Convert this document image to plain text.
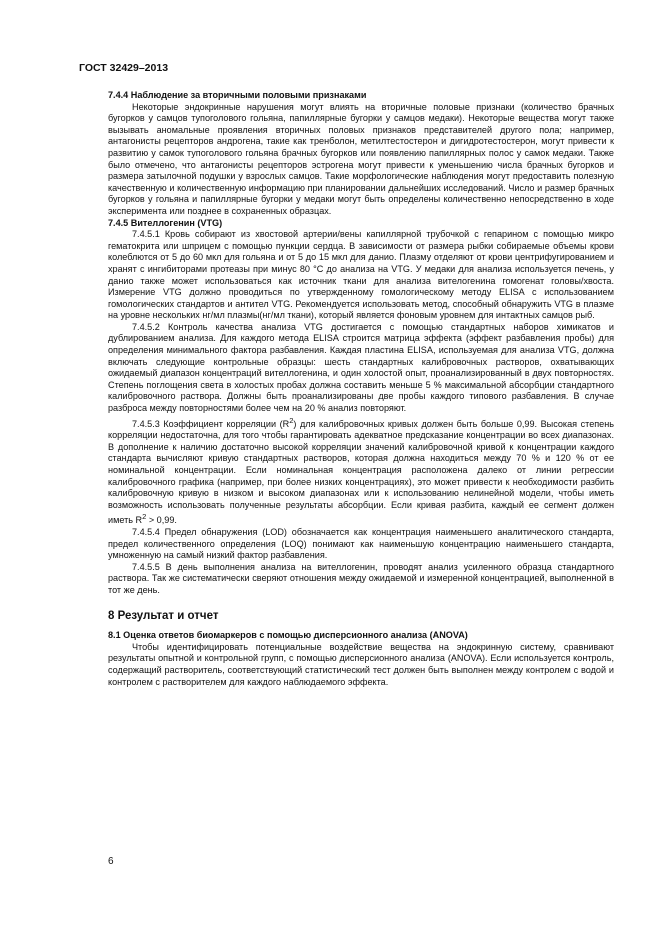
ГОСТ 32429–2013

7.4.4 Наблюдение за вторичными половыми признаками

Некоторые эндокринные нарушения могут влиять на вторичные половые признаки (количество брачных бугорков у самцов тупоголового гольяна, папиллярные бугорки у самцов медаки). Некоторые вещества могут также вызывать аномальные проявления вторичных половых признаков представителей другого пола; например, антагонисты рецепторов андрогена, такие как тренболон, метилтестостерон и дигидротестостерон, могут привести к развитию у самок тупоголового гольяна брачных бугорков или появлению папиллярных полос у самок медаки. Также было отмечено, что антагонисты рецепторов эстрогена могут привести к уменьшению числа брачных бугорков и размера затылочной подушки у взрослых самцов. Такие морфологические наблюдения могут предоставить полезную качественную и количественную информацию при планировании дальнейших исследований. Число и размер брачных бугорков у гольяна и папиллярные бугорки у медаки могут быть определены количественно непосредственно в ходе эксперимента или позднее в сохраненных образцах.

7.4.5 Вителлогенин (VTG)

7.4.5.1 Кровь собирают из хвостовой артерии/вены капиллярной трубочкой с гепарином с помощью микро гематокрита или шприцем с помощью пункции сердца. В зависимости от размера рыбки собираемые объемы крови колеблются от 5 до 60 мкл для гольяна и от 5 до 15 мкл для данио. Плазму отделяют от крови центрифугированием и хранят с ингибиторами протеазы при минус 80 °С до анализа на VTG. У медаки для анализа используется печень, у данио также может использоваться как источник ткани для анализа вителогенина гомогенат головы/хвоста. Измерение VTG должно проводиться по утвержденному гомологическому методу ELISA с использованием гомологических стандартов и антител VTG. Рекомендуется использовать метод, способный обнаружить VTG в плазме на уровне нескольких нг/мл плазмы(нг/мл ткани), который является фоновым уровнем для интактных самцов рыб.

7.4.5.2 Контроль качества анализа VTG достигается с помощью стандартных наборов химикатов и дублированием анализа. Для каждого метода ELISA строится матрица эффекта (эффект разбавления пробы) для определения минимального фактора разбавления. Каждая пластина ELISA, используемая для анализа VTG, должна включать следующие контрольные образцы: шесть стандартных калибровочных растворов, охватывающих ожидаемый диапазон концентраций вителлогенина, и один холостой опыт, проанализированный в двух повторностях. Степень поглощения света в холостых пробах должна составить меньше 5 % максимальной абсорбции стандартного калибровочного раствора. Должны быть проанализированы две пробы каждого типового разбавления. В случае разброса между повторностями более чем на 20 % анализ повторяют.

7.4.5.3 Коэффициент корреляции $(R^2)$ для калибровочных кривых должен быть больше 0,99. Высокая степень корреляции недостаточна, для того чтобы гарантировать адекватное предсказание концентрации во всех диапазонах. В дополнение к наличию достаточно высокой корреляции значений калибровочной кривой к концентрации каждого стандарта вычисляют кривую стандартных растворов, которая должна находиться между 70 % и 120 % от ее номинальной концентрации. Если номинальная концентрация расположена далеко от линии регрессии калибровочного графика (например, при более низких концентрациях), это может привести к необходимости разбить калибровочную кривую в низком и высоком диапазонах или к использованию нелинейной модели, чтобы иметь возможность использовать полученные результаты абсорбции. Если кривая разбита, каждый ее сегмент должен иметь $R^2 > 0,99$.

7.4.5.4 Предел обнаружения (LOD) обозначается как концентрация наименьшего аналитического стандарта, предел количественного определения (LOQ) понимают как наименьшую концентрацию наименьшего стандарта, умноженную на самый низкий фактор разбавления.

7.4.5.5 В день выполнения анализа на вителлогенин, проводят анализ усиленного образца стандартного раствора. Так же систематически сверяют отношения между ожидаемой и измеренной концентрацией, выполненной в тот же день.

8 Результат и отчет

8.1 Оценка ответов биомаркеров с помощью дисперсионного анализа (ANOVA)

Чтобы идентифицировать потенциальные воздействие вещества на эндокринную систему, сравнивают результаты опытной и контрольной групп, с помощью дисперсионного анализа (ANOVA). Если используется контроль, содержащий растворитель, соответствующий статистический тест должен быть выполнен между контролем с водой и контролем с растворителем для каждого наблюдаемого эффекта.

6
